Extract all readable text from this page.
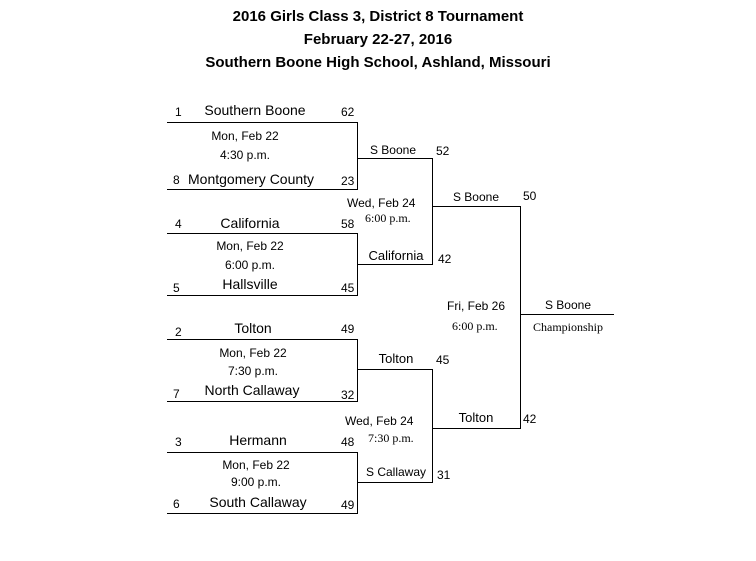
2016 Girls Class 3, District 8 Tournament
February 22-27, 2016
Southern Boone High School, Ashland, Missouri
1	Southern Boone	62
Mon, Feb 22
4:30 p.m.
8 Montgomery County 23
4	California	58
Mon, Feb 22
6:00 p.m.
5	Hallsville	45
2	Tolton	49
Mon, Feb 22
7:30 p.m.
7	North Callaway	32
3	Hermann	48
Mon, Feb 22
9:00 p.m.
6	South Callaway	49
S Boone	52
Wed, Feb 24
6:00 p.m.
California	42
Tolton	45
Wed, Feb 24
7:30 p.m.
S Callaway 31
S Boone	50
Fri, Feb 26
6:00 p.m.
Tolton	42
S Boone
Championship
